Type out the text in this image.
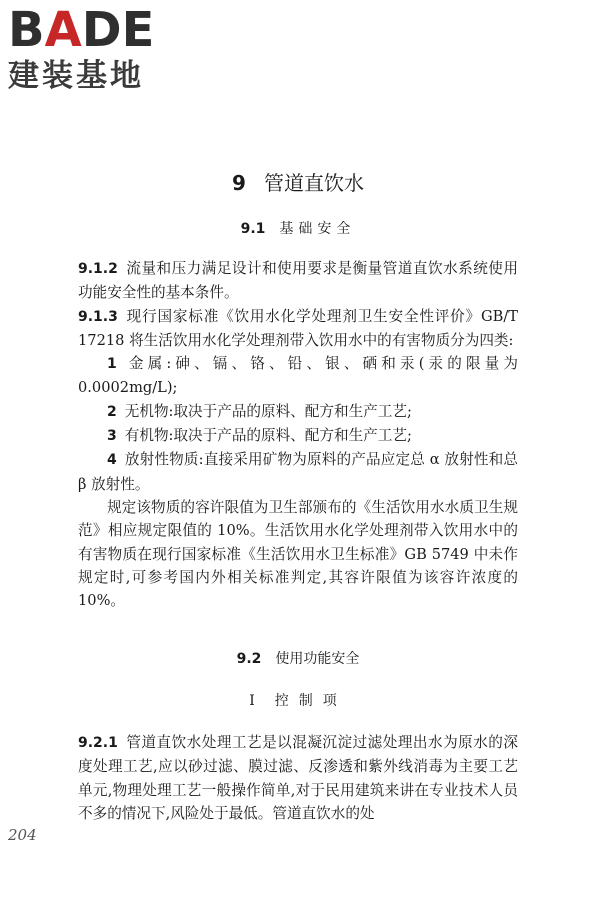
BADE
建装基地
9 管道直饮水
9.1 基础安全

9.1.2 流量和压力满足设计和使用要求是衡量管道直饮水系统使用功能安全性的基本条件。

9.1.3 现行国家标准《饮用水化学处理剂卫生安全性评价》GB/T 17218 将生活饮用水化学处理剂带入饮用水中的有害物质分为四类:

1 金属:砷、镉、铬、铅、银、硒和汞(汞的限量为0.0002mg/L);

2 无机物:取决于产品的原料、配方和生产工艺;

3 有机物:取决于产品的原料、配方和生产工艺;

4 放射性物质:直接采用矿物为原料的产品应定总 α 放射性和总 β 放射性。

规定该物质的容许限值为卫生部颁布的《生活饮用水水质卫生规范》相应规定限值的 10%。生活饮用水化学处理剂带入饮用水中的有害物质在现行国家标准《生活饮用水卫生标准》GB 5749 中未作规定时,可参考国内外相关标准判定,其容许限值为该容许浓度的 10%。

9.2 使用功能安全
I 控制项

9.2.1 管道直饮水处理工艺是以混凝沉淀过滤处理出水为原水的深度处理工艺,应以砂过滤、膜过滤、反渗透和紫外线消毒为主要工艺单元,物理处理工艺一般操作简单,对于民用建筑来讲在专业技术人员不多的情况下,风险处于最低。管道直饮水的处

204
